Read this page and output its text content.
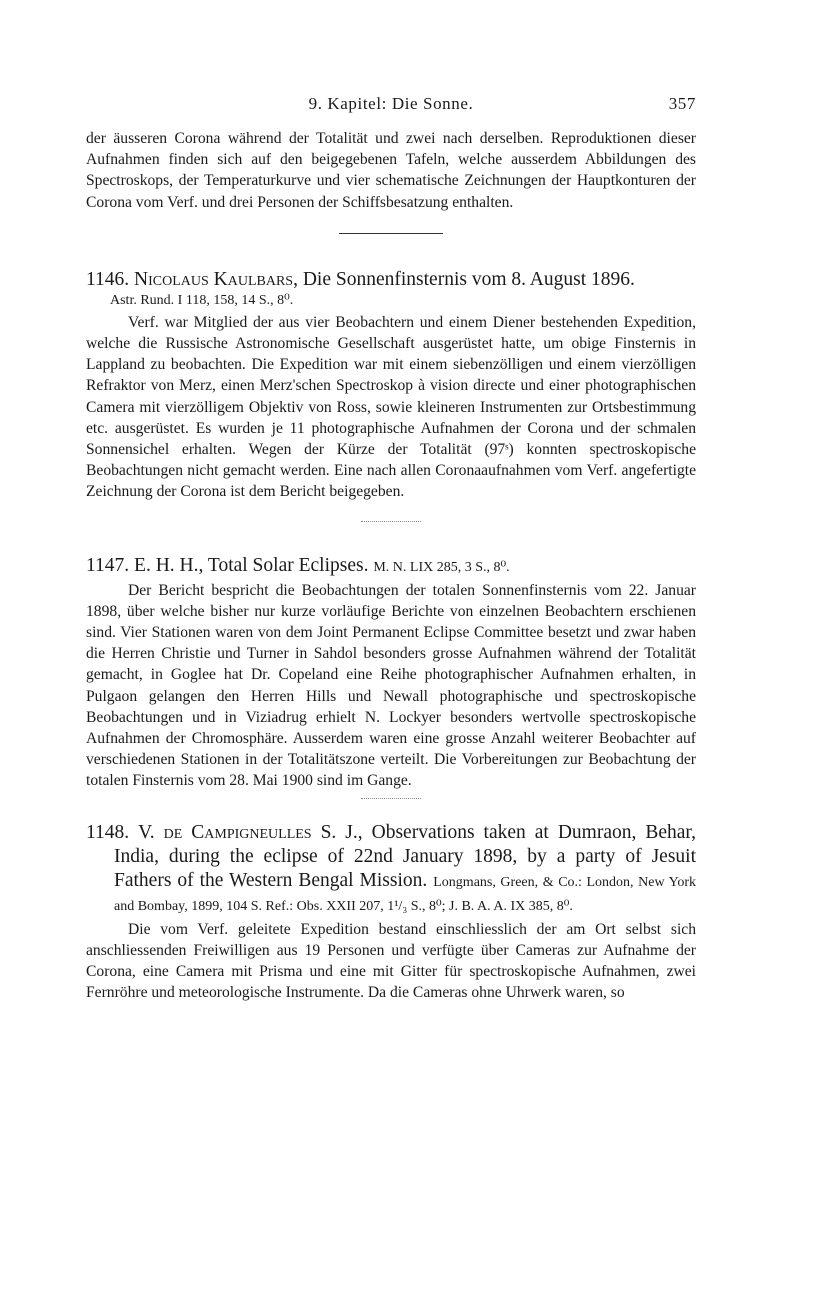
9. Kapitel: Die Sonne.	357

der äusseren Corona während der Totalität und zwei nach derselben. Reproduktionen dieser Aufnahmen finden sich auf den beigegebenen Tafeln, welche ausserdem Abbildungen des Spectroskops, der Temperaturkurve und vier schematische Zeichnungen der Hauptkonturen der Corona vom Verf. und drei Personen der Schiffsbesatzung enthalten.

1146. Nicolaus Kaulbars, Die Sonnenfinsternis vom 8. August 1896.
Astr. Rund. I 118, 158, 14 S., 8⁰.

Verf. war Mitglied der aus vier Beobachtern und einem Diener bestehenden Expedition, welche die Russische Astronomische Gesellschaft ausgerüstet hatte, um obige Finsternis in Lappland zu beobachten. Die Expedition war mit einem siebenzölligen und einem vierzölligen Refraktor von Merz, einen Merz'schen Spectroskop à vision directe und einer photographischen Camera mit vierzölligem Objektiv von Ross, sowie kleineren Instrumenten zur Ortsbestimmung etc. ausgerüstet. Es wurden je 11 photographische Aufnahmen der Corona und der schmalen Sonnensichel erhalten. Wegen der Kürze der Totalität (97ˢ) konnten spectroskopische Beobachtungen nicht gemacht werden. Eine nach allen Coronaaufnahmen vom Verf. angefertigte Zeichnung der Corona ist dem Bericht beigegeben.

1147. E. H. H., Total Solar Eclipses. M. N. LIX 285, 3 S., 8⁰.

Der Bericht bespricht die Beobachtungen der totalen Sonnenfinsternis vom 22. Januar 1898, über welche bisher nur kurze vorläufige Berichte von einzelnen Beobachtern erschienen sind. Vier Stationen waren von dem Joint Permanent Eclipse Committee besetzt und zwar haben die Herren Christie und Turner in Sahdol besonders grosse Aufnahmen während der Totalität gemacht, in Goglee hat Dr. Copeland eine Reihe photographischer Aufnahmen erhalten, in Pulgaon gelangen den Herren Hills und Newall photographische und spectroskopische Beobachtungen und in Viziadrug erhielt N. Lockyer besonders wertvolle spectroskopische Aufnahmen der Chromosphäre. Ausserdem waren eine grosse Anzahl weiterer Beobachter auf verschiedenen Stationen in der Totalitätszone verteilt. Die Vorbereitungen zur Beobachtung der totalen Finsternis vom 28. Mai 1900 sind im Gange.

1148. V. de Campigneulles S. J., Observations taken at Dumraon, Behar, India, during the eclipse of 22nd January 1898, by a party of Jesuit Fathers of the Western Bengal Mission. Longmans, Green, & Co.: London, New York and Bombay, 1899, 104 S. Ref.: Obs. XXII 207, 1¹/₃ S., 8⁰; J. B. A. A. IX 385, 8⁰.

Die vom Verf. geleitete Expedition bestand einschliesslich der am Ort selbst sich anschliessenden Freiwilligen aus 19 Personen und verfügte über Cameras zur Aufnahme der Corona, eine Camera mit Prisma und eine mit Gitter für spectroskopische Aufnahmen, zwei Fernröhre und meteorologische Instrumente. Da die Cameras ohne Uhrwerk waren, so
